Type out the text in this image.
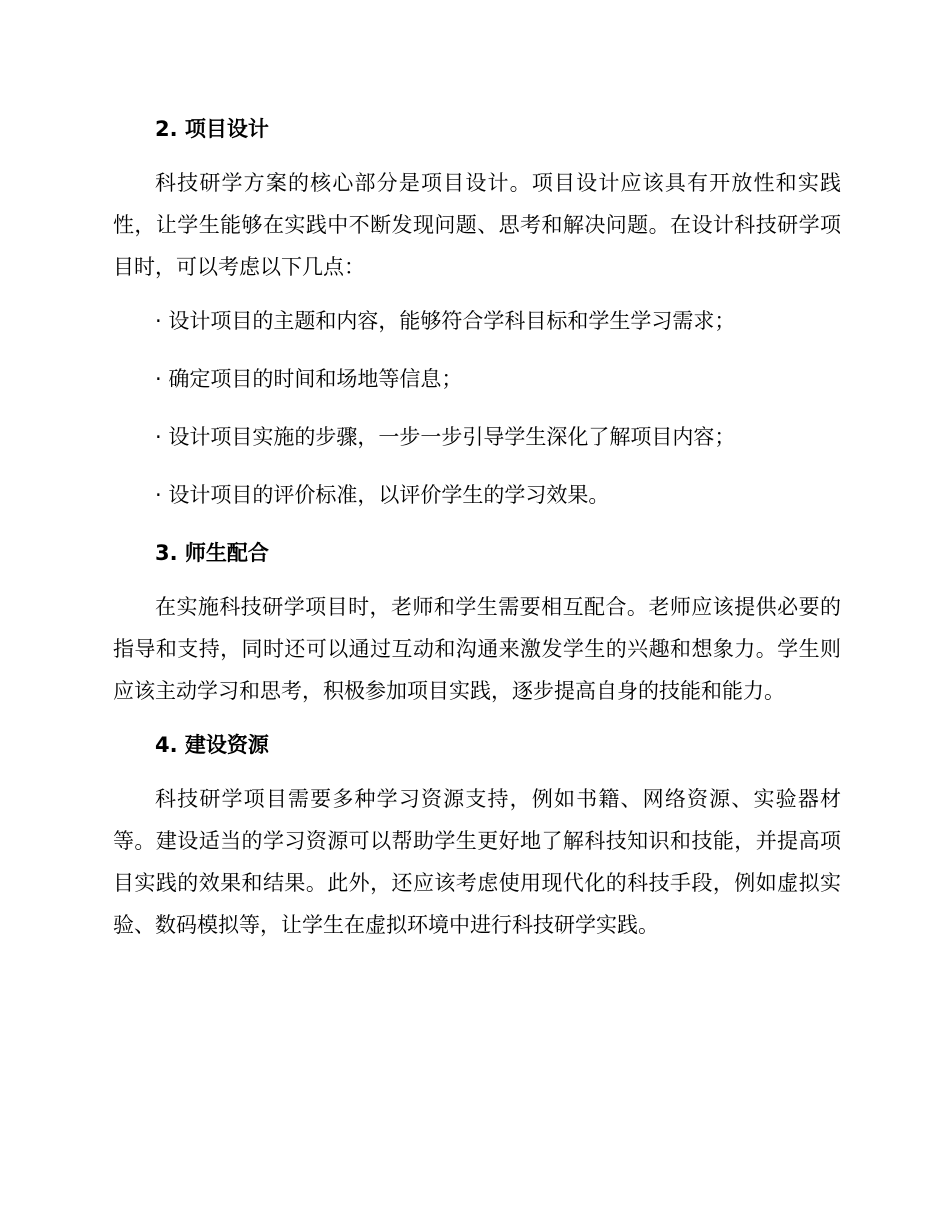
2. 项目设计
科技研学方案的核心部分是项目设计。项目设计应该具有开放性和实践性，让学生能够在实践中不断发现问题、思考和解决问题。在设计科技研学项目时，可以考虑以下几点：
· 设计项目的主题和内容，能够符合学科目标和学生学习需求；
· 确定项目的时间和场地等信息；
· 设计项目实施的步骤，一步一步引导学生深化了解项目内容；
· 设计项目的评价标准，以评价学生的学习效果。
3. 师生配合
在实施科技研学项目时，老师和学生需要相互配合。老师应该提供必要的指导和支持，同时还可以通过互动和沟通来激发学生的兴趣和想象力。学生则应该主动学习和思考，积极参加项目实践，逐步提高自身的技能和能力。
4. 建设资源
科技研学项目需要多种学习资源支持，例如书籍、网络资源、实验器材等。建设适当的学习资源可以帮助学生更好地了解科技知识和技能，并提高项目实践的效果和结果。此外，还应该考虑使用现代化的科技手段，例如虚拟实验、数码模拟等，让学生在虚拟环境中进行科技研学实践。
